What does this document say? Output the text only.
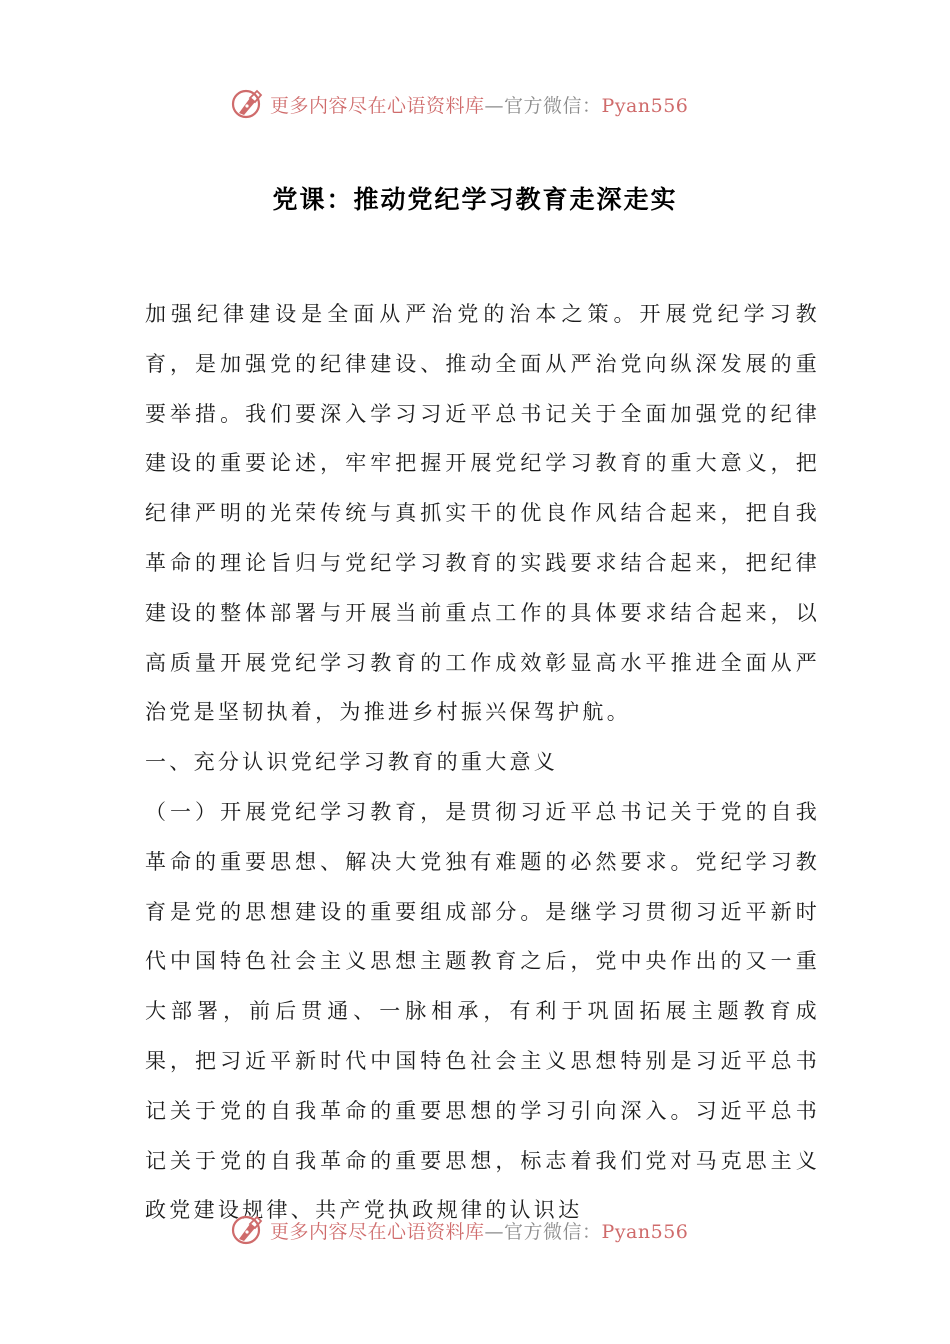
更多内容尽在心语资料库—官方微信：Pyan556
党课：推动党纪学习教育走深走实

加强纪律建设是全面从严治党的治本之策。开展党纪学习教育，是加强党的纪律建设、推动全面从严治党向纵深发展的重要举措。我们要深入学习习近平总书记关于全面加强党的纪律建设的重要论述，牢牢把握开展党纪学习教育的重大意义，把纪律严明的光荣传统与真抓实干的优良作风结合起来，把自我革命的理论旨归与党纪学习教育的实践要求结合起来，把纪律建设的整体部署与开展当前重点工作的具体要求结合起来，以高质量开展党纪学习教育的工作成效彰显高水平推进全面从严治党是坚韧执着，为推进乡村振兴保驾护航。

一、充分认识党纪学习教育的重大意义

（一）开展党纪学习教育，是贯彻习近平总书记关于党的自我革命的重要思想、解决大党独有难题的必然要求。党纪学习教育是党的思想建设的重要组成部分。是继学习贯彻习近平新时代中国特色社会主义思想主题教育之后，党中央作出的又一重大部署，前后贯通、一脉相承，有利于巩固拓展主题教育成果，把习近平新时代中国特色社会主义思想特别是习近平总书记关于党的自我革命的重要思想的学习引向深入。习近平总书记关于党的自我革命的重要思想，标志着我们党对马克思主义政党建设规律、共产党执政规律的认识达

更多内容尽在心语资料库—官方微信：Pyan556
